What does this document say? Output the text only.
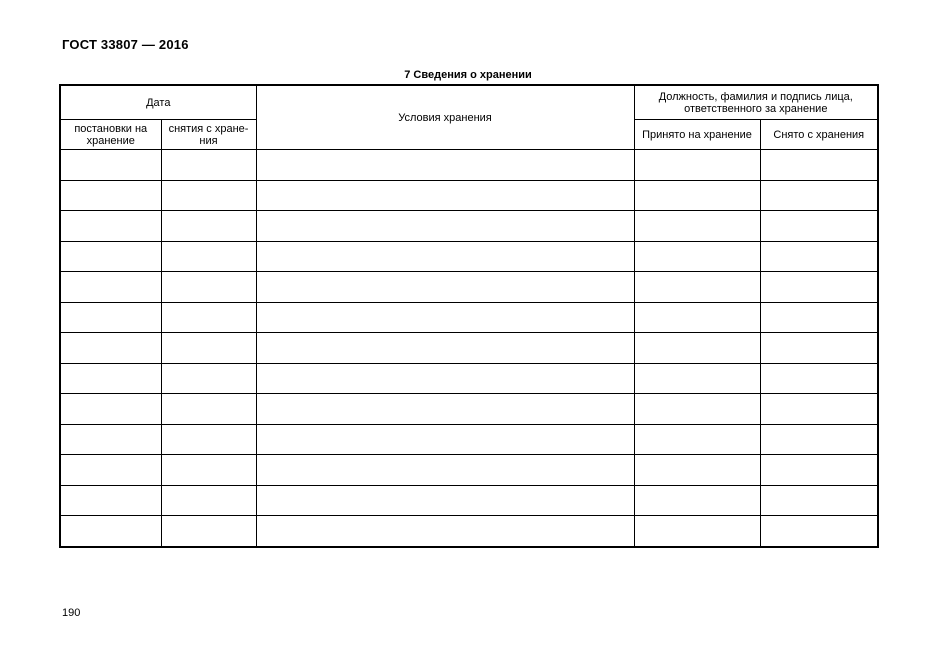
ГОСТ 33807 — 2016
7 Сведения о хранении
Дата		Условия хранения	Должность, фамилия и подпись лица, ответственного за хранение	
постановки на хранение	снятия с хране-ния		Принято на хранение	Снято с хранения

190
